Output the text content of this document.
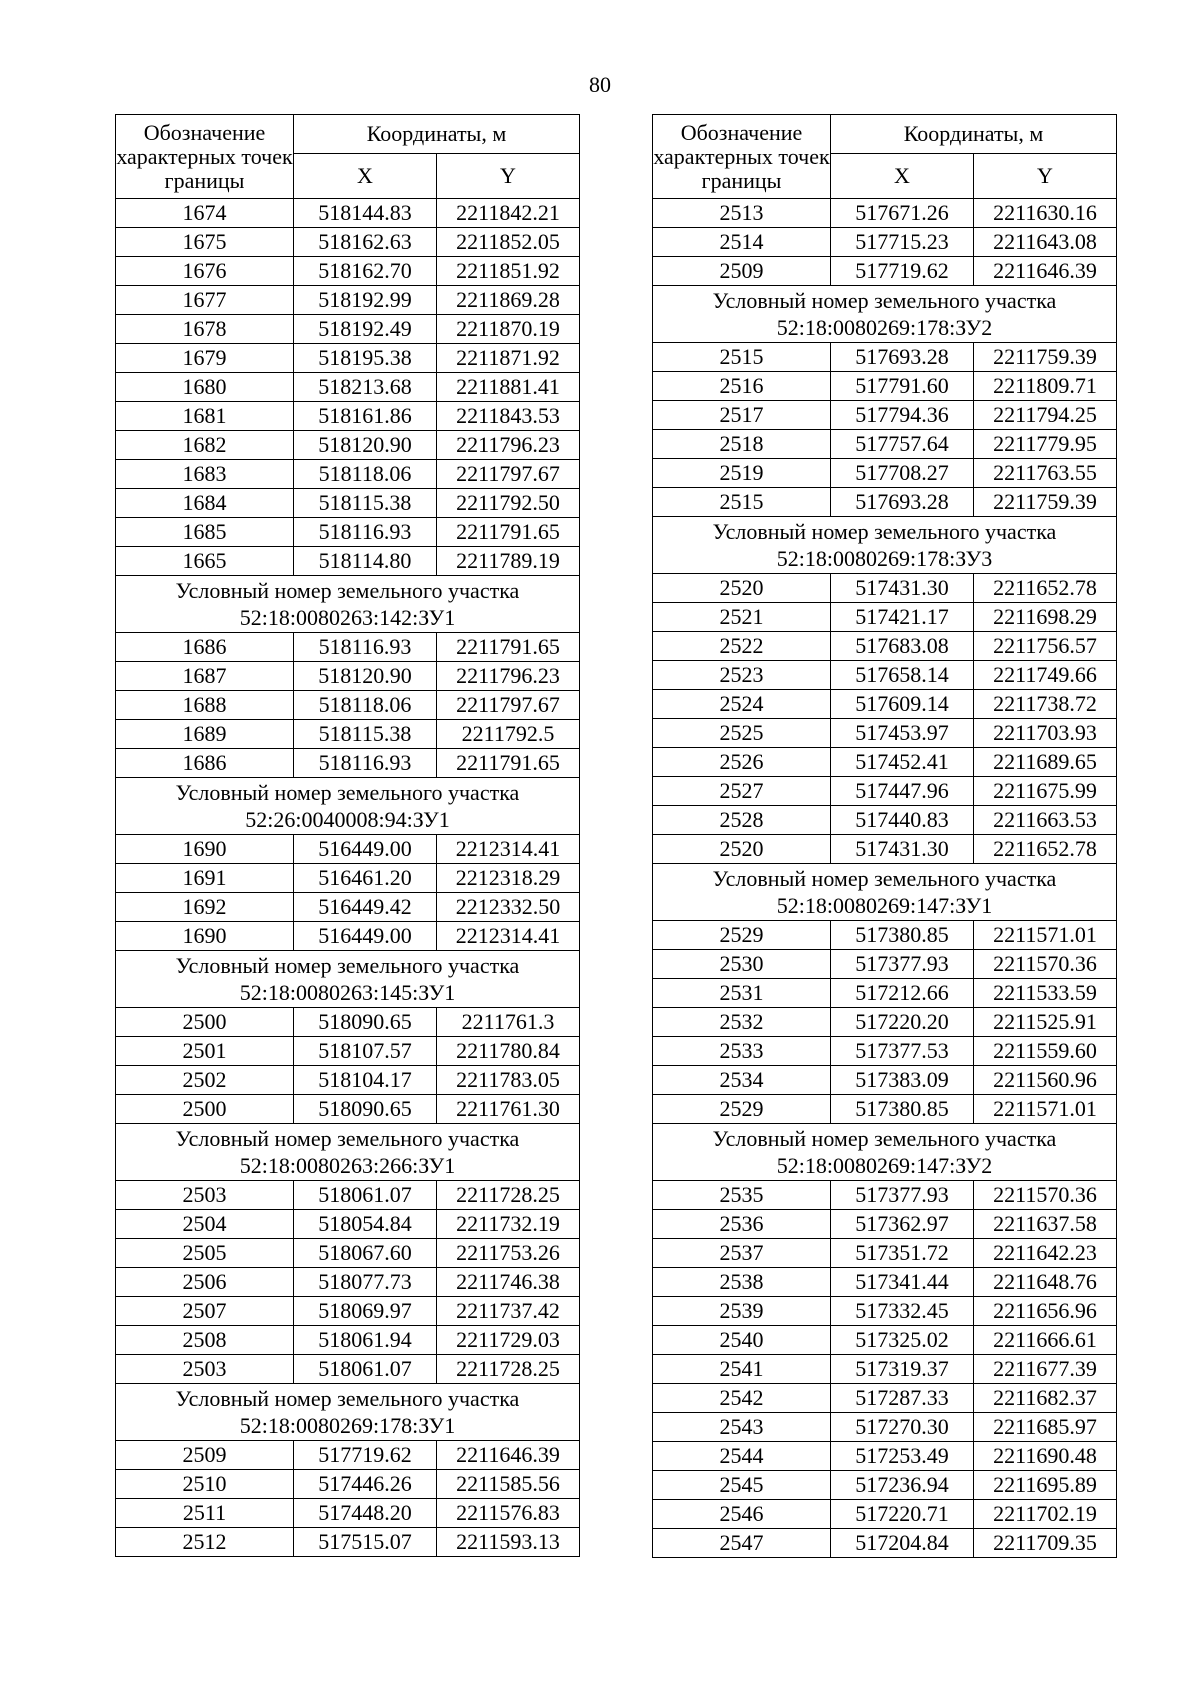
80
Обозначение характерных точек границы	Координаты, м	
	X	Y
1674	518144.83	2211842.21
1675	518162.63	2211852.05
1676	518162.70	2211851.92
1677	518192.99	2211869.28
1678	518192.49	2211870.19
1679	518195.38	2211871.92
1680	518213.68	2211881.41
1681	518161.86	2211843.53
1682	518120.90	2211796.23
1683	518118.06	2211797.67
1684	518115.38	2211792.50
1685	518116.93	2211791.65
1665	518114.80	2211789.19

Условный номер земельного участка
52:18:0080263:142:ЗУ1		

1686	518116.93	2211791.65
1687	518120.90	2211796.23
1688	518118.06	2211797.67
1689	518115.38	2211792.5
1686	518116.93	2211791.65

Условный номер земельного участка
52:26:0040008:94:ЗУ1		

1690	516449.00	2212314.41
1691	516461.20	2212318.29
1692	516449.42	2212332.50
1690	516449.00	2212314.41

Условный номер земельного участка
52:18:0080263:145:ЗУ1		

2500	518090.65	2211761.3
2501	518107.57	2211780.84
2502	518104.17	2211783.05
2500	518090.65	2211761.30

Условный номер земельного участка
52:18:0080263:266:ЗУ1		

2503	518061.07	2211728.25
2504	518054.84	2211732.19
2505	518067.60	2211753.26
2506	518077.73	2211746.38
2507	518069.97	2211737.42
2508	518061.94	2211729.03
2503	518061.07	2211728.25

Условный номер земельного участка
52:18:0080269:178:ЗУ1		

2509	517719.62	2211646.39
2510	517446.26	2211585.56
2511	517448.20	2211576.83
2512	517515.07	2211593.13
Обозначение характерных точек границы	Координаты, м	
	X	Y
2513	517671.26	2211630.16
2514	517715.23	2211643.08
2509	517719.62	2211646.39

Условный номер земельного участка
52:18:0080269:178:ЗУ2		

2515	517693.28	2211759.39
2516	517791.60	2211809.71
2517	517794.36	2211794.25
2518	517757.64	2211779.95
2519	517708.27	2211763.55
2515	517693.28	2211759.39

Условный номер земельного участка
52:18:0080269:178:ЗУ3		

2520	517431.30	2211652.78
2521	517421.17	2211698.29
2522	517683.08	2211756.57
2523	517658.14	2211749.66
2524	517609.14	2211738.72
2525	517453.97	2211703.93
2526	517452.41	2211689.65
2527	517447.96	2211675.99
2528	517440.83	2211663.53
2520	517431.30	2211652.78

Условный номер земельного участка
52:18:0080269:147:ЗУ1		

2529	517380.85	2211571.01
2530	517377.93	2211570.36
2531	517212.66	2211533.59
2532	517220.20	2211525.91
2533	517377.53	2211559.60
2534	517383.09	2211560.96
2529	517380.85	2211571.01

Условный номер земельного участка
52:18:0080269:147:ЗУ2		

2535	517377.93	2211570.36
2536	517362.97	2211637.58
2537	517351.72	2211642.23
2538	517341.44	2211648.76
2539	517332.45	2211656.96
2540	517325.02	2211666.61
2541	517319.37	2211677.39
2542	517287.33	2211682.37
2543	517270.30	2211685.97
2544	517253.49	2211690.48
2545	517236.94	2211695.89
2546	517220.71	2211702.19
2547	517204.84	2211709.35
